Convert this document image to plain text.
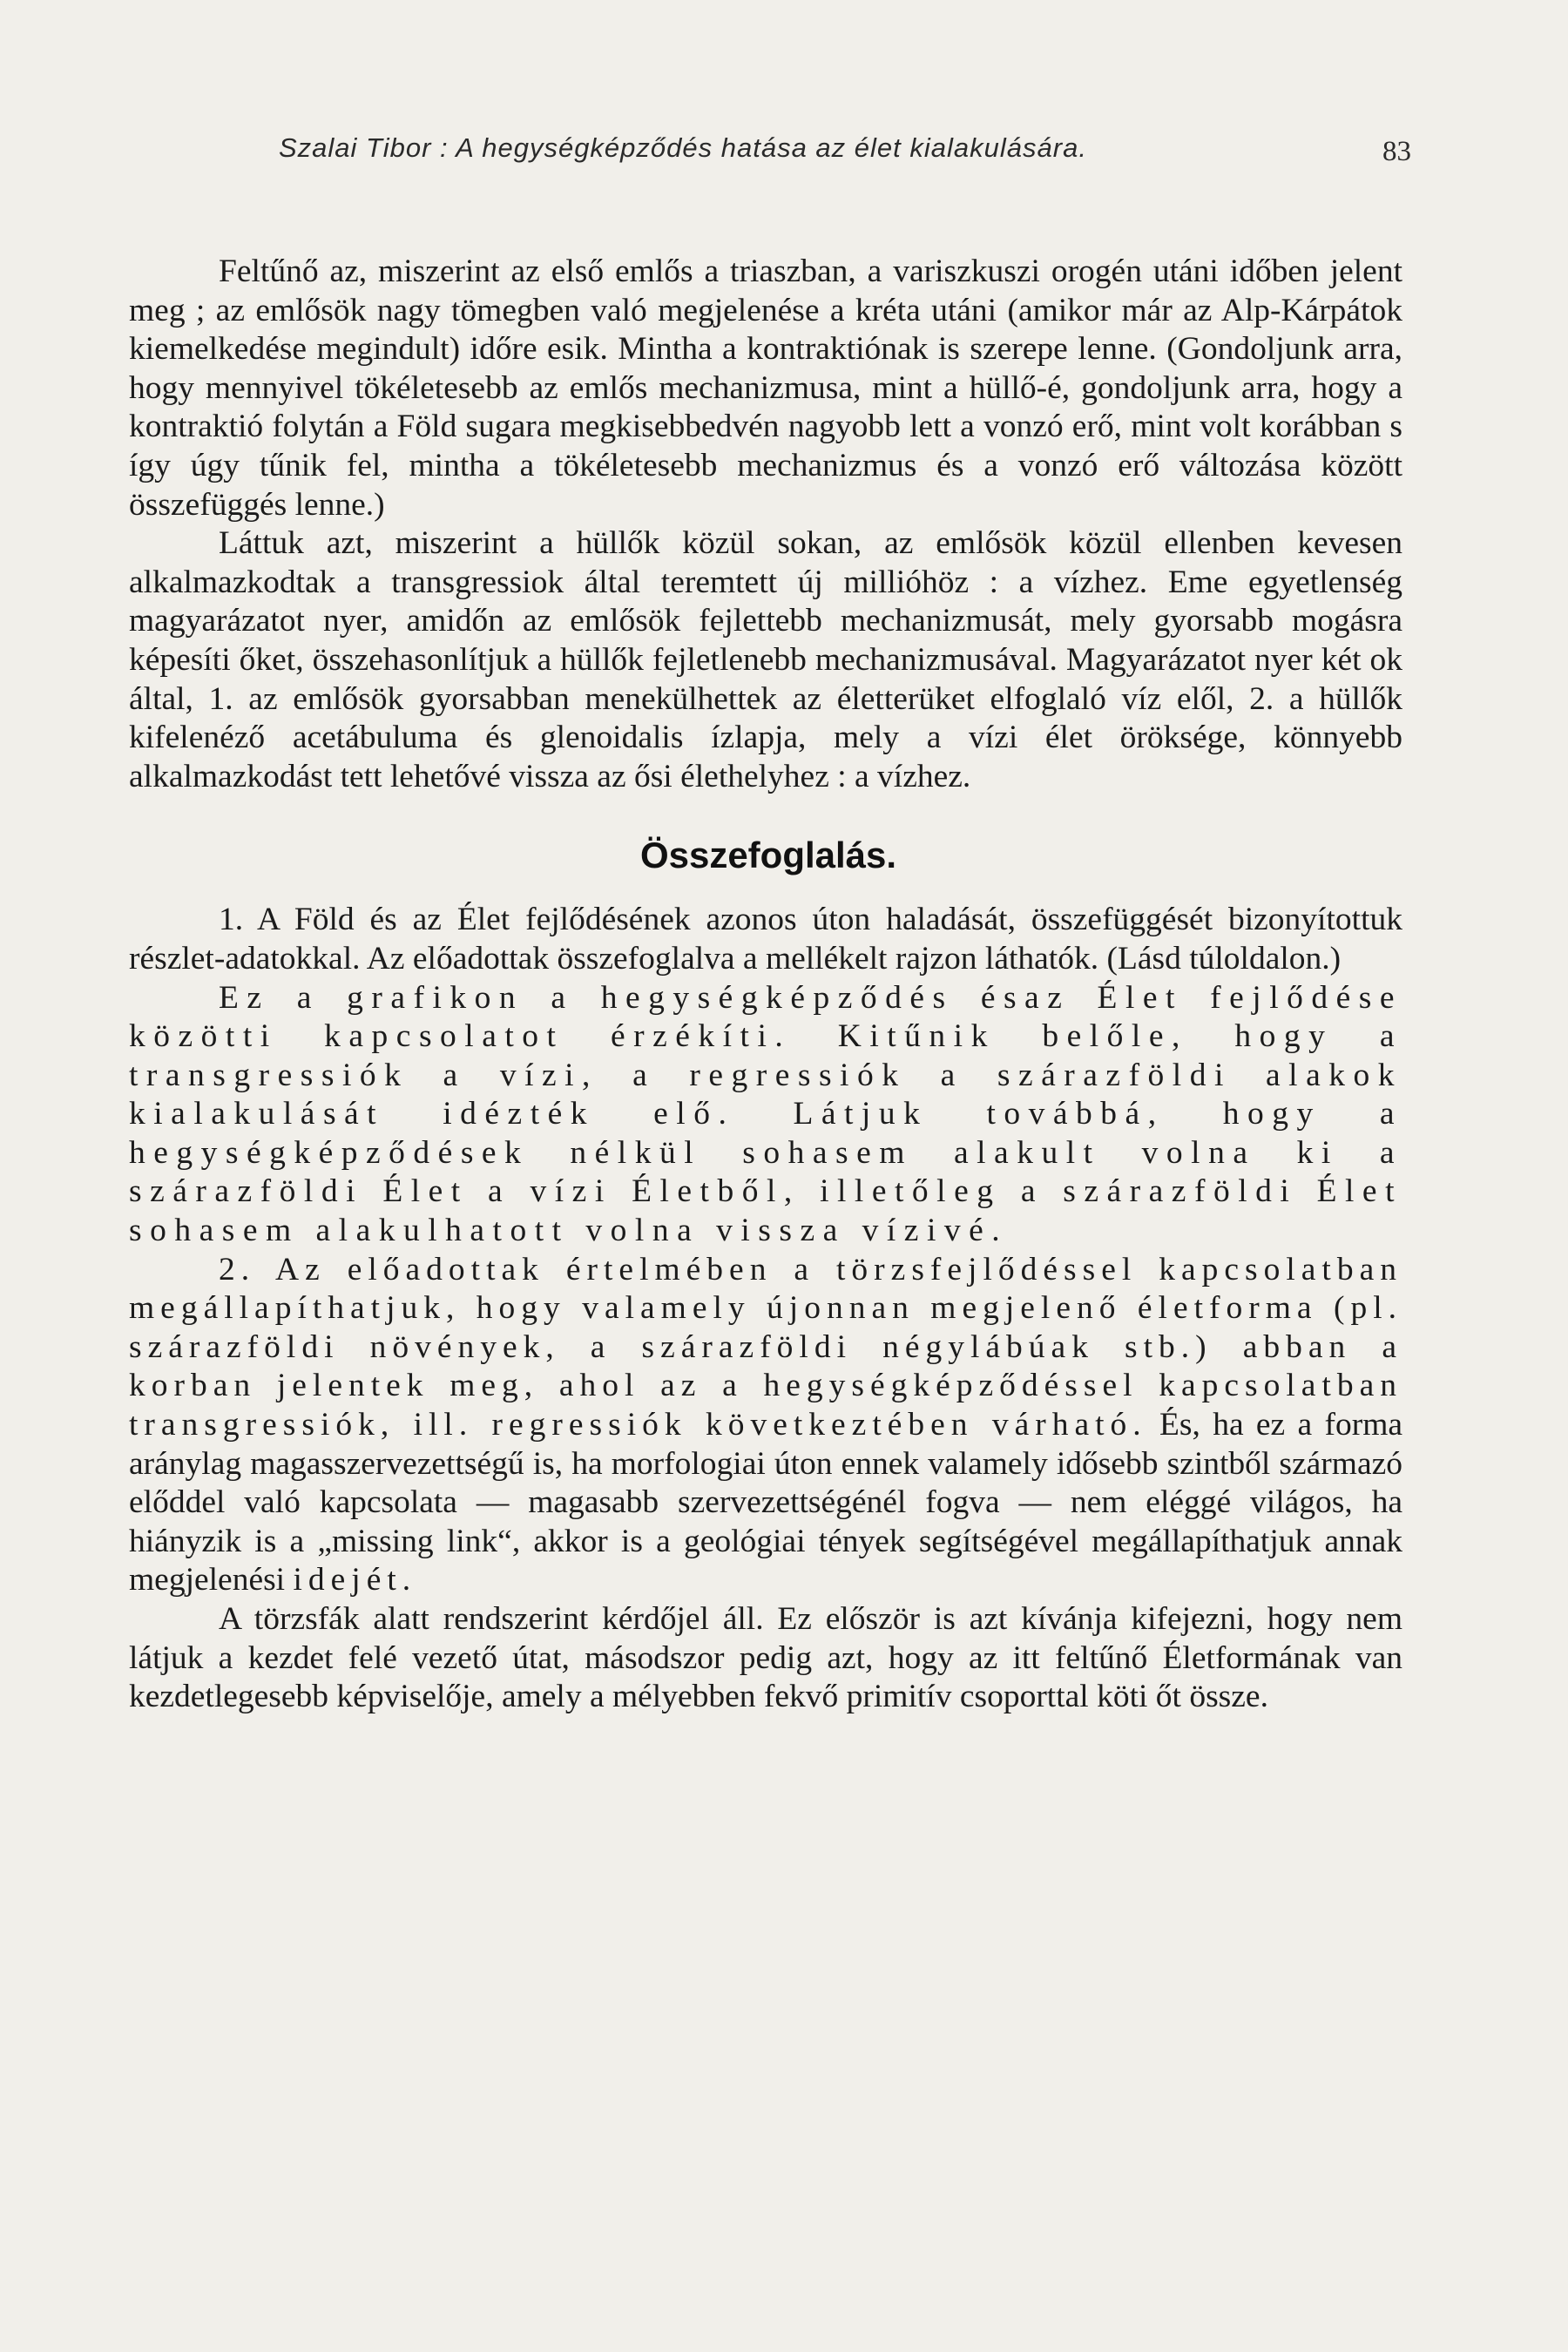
Szalai Tibor : A hegységképződés hatása az élet kialakulására.	83

Feltűnő az, miszerint az első emlős a triaszban, a variszkuszi orogén utáni időben jelent meg ; az emlősök nagy tömegben való megjelenése a kréta utáni (amikor már az Alp-Kárpátok kiemelkedése megindult) időre esik. Mintha a kontraktiónak is szerepe lenne. (Gondoljunk arra, hogy mennyivel tökéletesebb az emlős mechanizmusa, mint a hüllő-é, gondoljunk arra, hogy a kontraktió folytán a Föld sugara megkisebbedvén nagyobb lett a vonzó erő, mint volt korábban s így úgy tűnik fel, mintha a tökéletesebb mechanizmus és a vonzó erő változása között összefüggés lenne.)

Láttuk azt, miszerint a hüllők közül sokan, az emlősök közül ellenben kevesen alkalmazkodtak a transgressiok által teremtett új millióhöz : a vízhez. Eme egyetlenség magyarázatot nyer, amidőn az emlősök fejlettebb mechanizmusát, mely gyorsabb mogásra képesíti őket, összehasonlítjuk a hüllők fejletlenebb mechanizmusával. Magyarázatot nyer két ok által, 1. az emlősök gyorsabban menekülhettek az életterüket elfoglaló víz elől, 2. a hüllők kifelenéző acetábuluma és glenoidalis ízlapja, mely a vízi élet öröksége, könnyebb alkalmazkodást tett lehetővé vissza az ősi élethelyhez : a vízhez.

Összefoglalás.

1. A Föld és az Élet fejlődésének azonos úton haladását, összefüggését bizonyítottuk részlet-adatokkal. Az előadottak összefoglalva a mellékelt rajzon láthatók. (Lásd túloldalon.)

Ez a grafikon a hegységképződés ésaz Élet fejlődése közötti kapcsolatot érzékíti. Kitűnik belőle, hogy a transgressiók a vízi, a regressiók a szárazföldi alakok kialakulását idézték elő. Látjuk továbbá, hogy a hegységképződések nélkül sohasem alakult volna ki a szárazföldi Élet a vízi Életből, illetőleg a szárazföldi Élet sohasem alakulhatott volna vissza vízivé.

2. Az előadottak értelmében a törzsfejlődéssel kapcsolatban megállapíthatjuk, hogy valamely újonnan megjelenő életforma (pl. szárazföldi növények, a szárazföldi négylábúak stb.) abban a korban jelentek meg, ahol az a hegységképződéssel kapcsolatban transgressiók, ill. regressiók következtében várható. És, ha ez a forma aránylag magasszervezettségű is, ha morfologiai úton ennek valamely idősebb szintből származó előddel való kapcsolata — magasabb szervezettségénél fogva — nem eléggé világos, ha hiányzik is a „missing link“, akkor is a geológiai tények segítségével megállapíthatjuk annak megjelenési idejét.

A törzsfák alatt rendszerint kérdőjel áll. Ez először is azt kívánja kifejezni, hogy nem látjuk a kezdet felé vezető útat, másodszor pedig azt, hogy az itt feltűnő Életformának van kezdetlegesebb képviselője, amely a mélyebben fekvő primitív csoporttal köti őt össze.
